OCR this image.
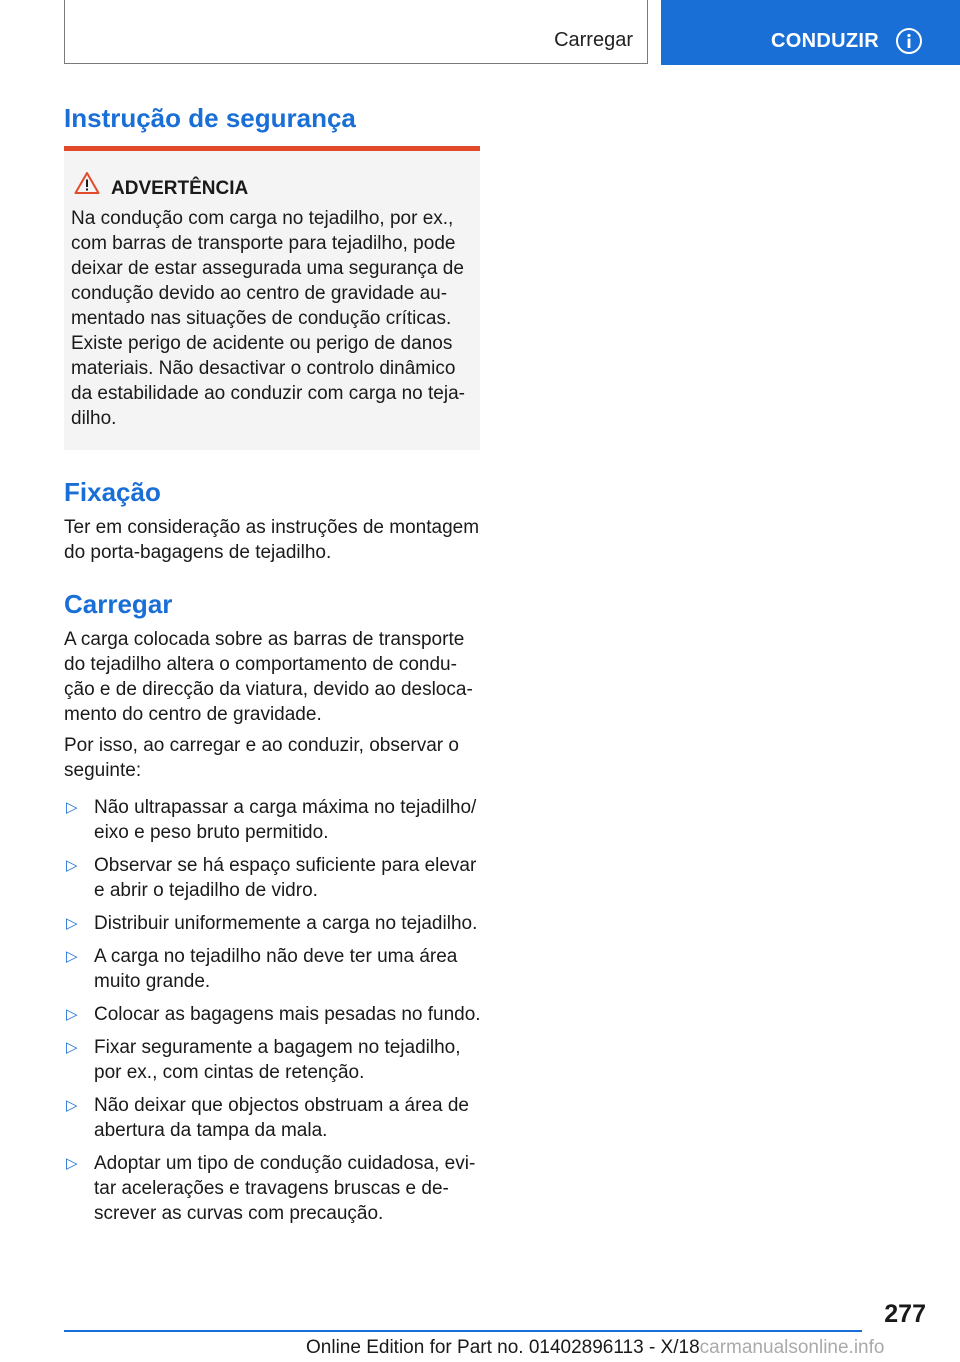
Carregar	CONDUZIR
Instrução de segurança
ADVERTÊNCIA

Na condução com carga no tejadilho, por ex., com barras de transporte para tejadilho, pode deixar de estar assegurada uma segurança de condução devido ao centro de gravidade aumentado nas situações de condução críticas. Existe perigo de acidente ou perigo de danos materiais. Não desactivar o controlo dinâmico da estabilidade ao conduzir com carga no tejadilho.

Fixação

Ter em consideração as instruções de montagem do porta-bagagens de tejadilho.

Carregar

A carga colocada sobre as barras de transporte do tejadilho altera o comportamento de condução e de direcção da viatura, devido ao deslocamento do centro de gravidade.

Por isso, ao carregar e ao conduzir, observar o seguinte:

▷ Não ultrapassar a carga máxima no tejadilho/ eixo e peso bruto permitido.
▷ Observar se há espaço suficiente para elevar e abrir o tejadilho de vidro.
▷ Distribuir uniformemente a carga no tejadilho.
▷ A carga no tejadilho não deve ter uma área muito grande.
▷ Colocar as bagagens mais pesadas no fundo.
▷ Fixar seguramente a bagagem no tejadilho, por ex., com cintas de retenção.
▷ Não deixar que objectos obstruam a área de abertura da tampa da mala.
▷ Adoptar um tipo de condução cuidadosa, evitar acelerações e travagens bruscas e descrever as curvas com precaução.
277
Online Edition for Part no. 01402896113 - X/18carmanualsonline.info
